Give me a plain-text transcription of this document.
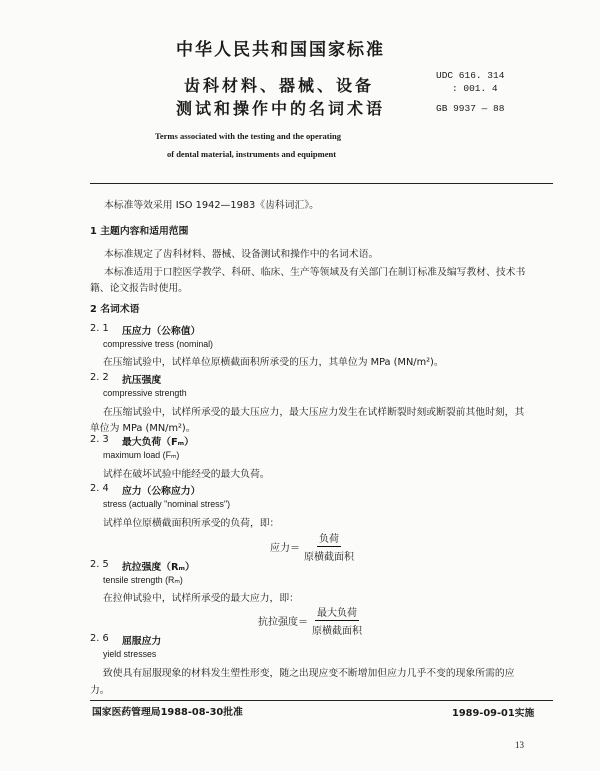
中华人民共和国国家标准
齿科材料、器械、设备
测试和操作中的名词术语
UDC 616. 314
: 001. 4
GB 9937 — 88
Terms associated with the testing and the operating
of dental material, instruments and equipment
本标准等效采用 ISO 1942—1983《齿科词汇》。
1 主题内容和适用范围
本标准规定了齿科材料、器械、设备测试和操作中的名词术语。
本标准适用于口腔医学教学、科研、临床、生产等领域及有关部门在制订标准及编写教材、技术书
籍、论文报告时使用。
2 名词术语
2. 1 压应力（公称值）
compressive tress (nominal)
在压缩试验中，试样单位原横截面积所承受的压力，其单位为 MPa (MN/m²)。
2. 2 抗压强度
compressive strength
在压缩试验中，试样所承受的最大压应力，最大压应力发生在试样断裂时刻或断裂前其他时刻，其
单位为 MPa (MN/m²)。
2. 3 最大负荷（Fₘ）
maximum load (Fₘ)
试样在破坏试验中能经受的最大负荷。
2. 4 应力（公称应力）
stress (actually "nominal stress")
试样单位原横截面积所承受的负荷，即：
应力＝ $\frac{\text{负荷}}{\text{原横截面积}}$
2. 5 抗拉强度（Rₘ）
tensile strength (Rₘ)
在拉伸试验中，试样所承受的最大应力，即：
抗拉强度＝ $\frac{\text{最大负荷}}{\text{原横截面积}}$
2. 6 屈服应力
yield stresses
致使具有屈服现象的材料发生塑性形变，随之出现应变不断增加但应力几乎不变的现象所需的应
力。
国家医药管理局1988-08-30批准	1989-09-01实施
13
